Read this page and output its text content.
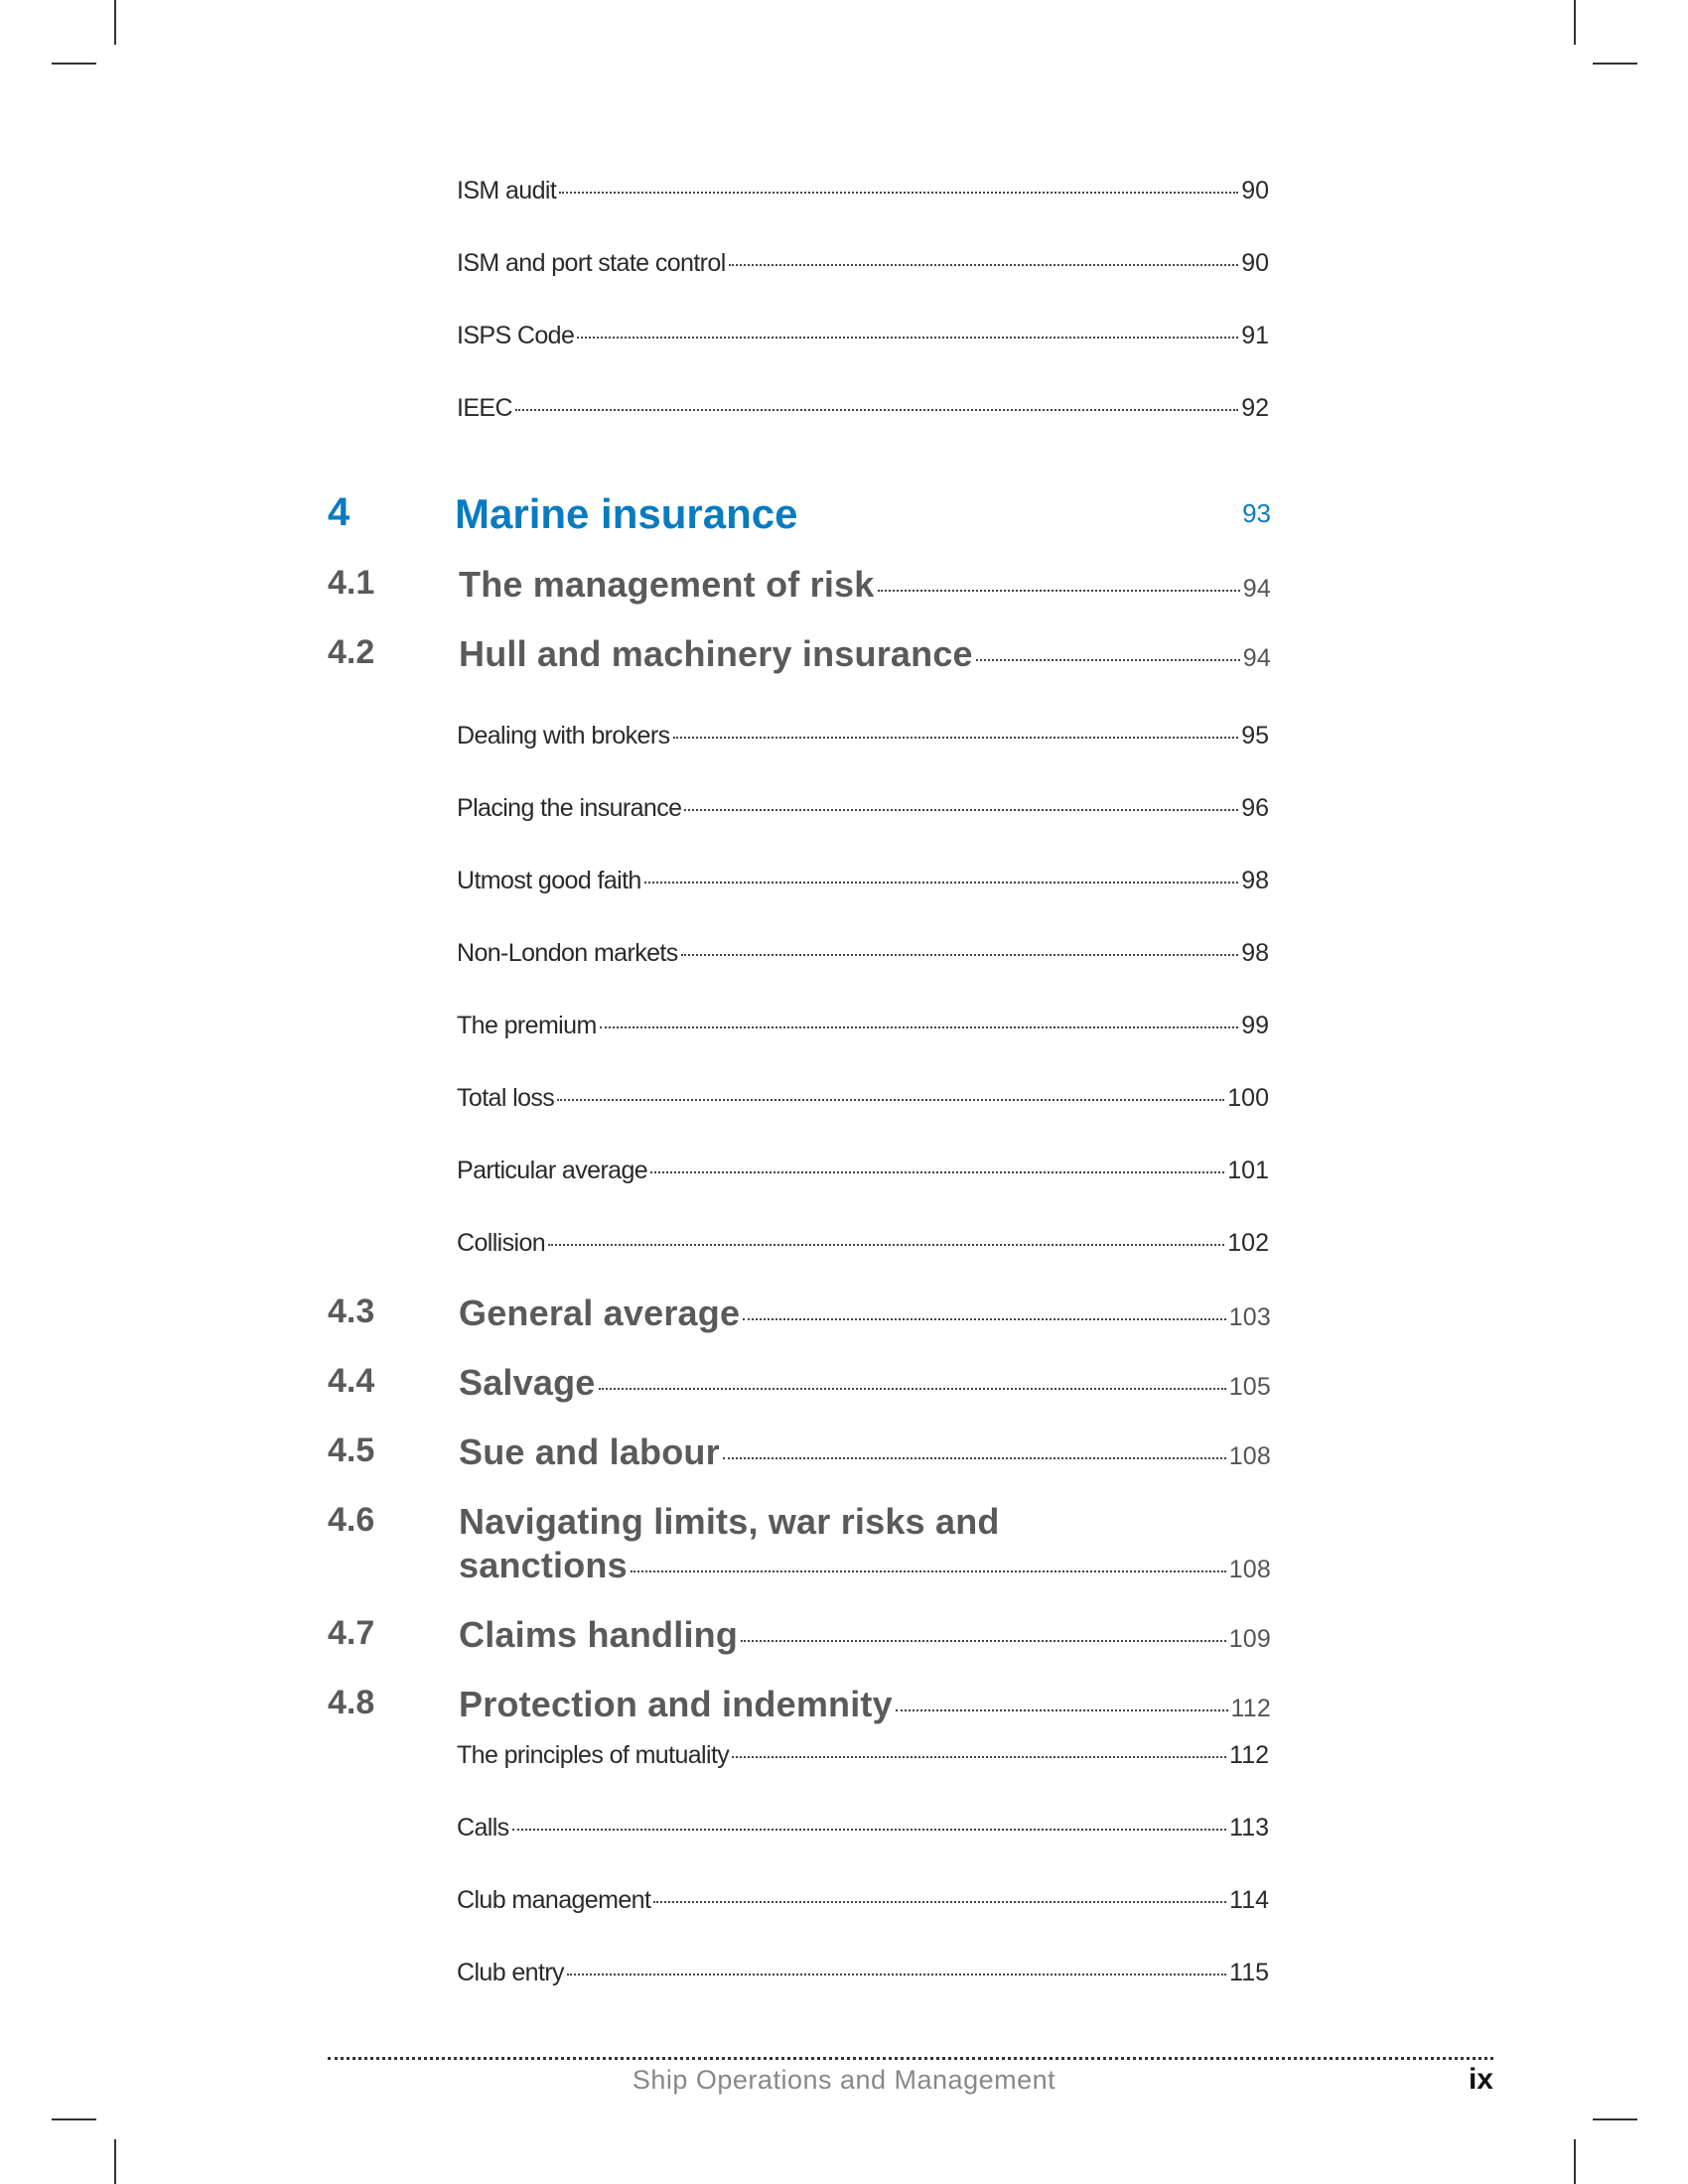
ISM audit	90
ISM and port state control	90
ISPS Code	91
IEEC	92
4	Marine insurance	93
4.1 The management of risk	94
4.2 Hull and machinery insurance	94
Dealing with brokers	95
Placing the insurance	96
Utmost good faith	98
Non-London markets	98
The premium	99
Total loss	100
Particular average	101
Collision	102
4.3 General average	103
4.4 Salvage	105
4.5 Sue and labour	108
4.6 Navigating limits, war risks and
sanctions	108
4.7 Claims handling	109
4.8 Protection and indemnity	112
The principles of mutuality	112
Calls	113
Club management	114
Club entry	115
Ship Operations and Management	ix
